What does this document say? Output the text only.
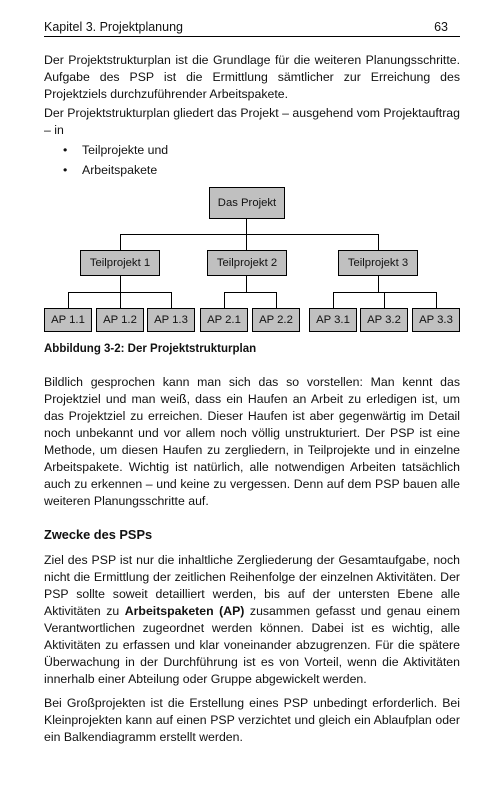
Kapitel 3. Projektplanung	63

Der Projektstrukturplan ist die Grundlage für die weiteren Planungsschritte. Aufgabe des PSP ist die Ermittlung sämtlicher zur Erreichung des Projektziels durchzuführender Arbeitspakete.

Der Projektstrukturplan gliedert das Projekt – ausgehend vom Projektauftrag – in

• Teilprojekte und
• Arbeitspakete
Das Projekt
Teilprojekt 1	Teilprojekt 2	Teilprojekt 3
AP 1.1 AP 1.2 AP 1.3 AP 2.1 AP 2.2 AP 3.1 AP 3.2 AP 3.3
Abbildung 3-2: Der Projektstrukturplan

Bildlich gesprochen kann man sich das so vorstellen: Man kennt das Projektziel und man weiß, dass ein Haufen an Arbeit zu erledigen ist, um das Projektziel zu erreichen. Dieser Haufen ist aber gegenwärtig im Detail noch unbekannt und vor allem noch völlig unstrukturiert. Der PSP ist eine Methode, um diesen Haufen zu zergliedern, in Teilprojekte und in einzelne Arbeitspakete. Wichtig ist natürlich, alle notwendigen Arbeiten tatsächlich auch zu erkennen – und keine zu vergessen. Denn auf dem PSP bauen alle weiteren Planungsschritte auf.

Zwecke des PSPs

Ziel des PSP ist nur die inhaltliche Zergliederung der Gesamtaufgabe, noch nicht die Ermittlung der zeitlichen Reihenfolge der einzelnen Aktivitäten. Der PSP sollte soweit detailliert werden, bis auf der untersten Ebene alle Aktivitäten zu Arbeitspaketen (AP) zusammen gefasst und genau einem Verantwortlichen zugeordnet werden können. Dabei ist es wichtig, alle Aktivitäten zu erfassen und klar voneinander abzugrenzen. Für die spätere Überwachung in der Durchführung ist es von Vorteil, wenn die Aktivitäten innerhalb einer Abteilung oder Gruppe abgewickelt werden.

Bei Großprojekten ist die Erstellung eines PSP unbedingt erforderlich. Bei Kleinprojekten kann auf einen PSP verzichtet und gleich ein Ablaufplan oder ein Balkendiagramm erstellt werden.
